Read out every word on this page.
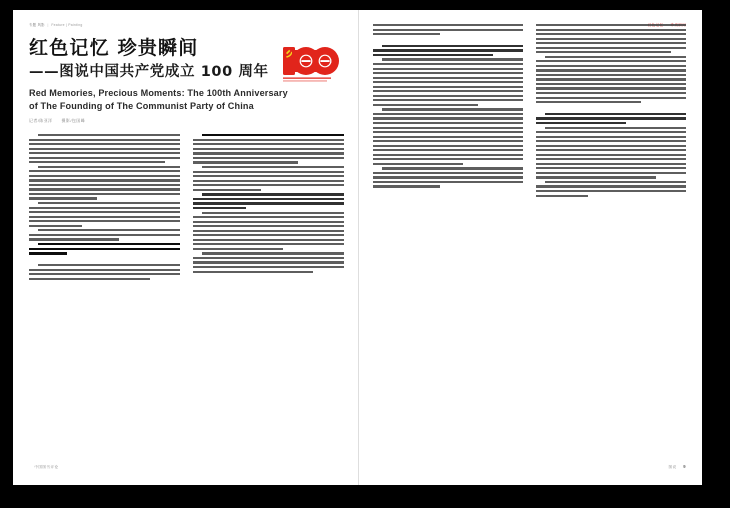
专题 风影 | Feature | Painting
红色记忆 珍贵瞬间
——图说中国共产党成立 100 周年
Red Memories, Precious Moments: The 100th Anniversary
of The Founding of The Communist Party of China
记者/陈亚洋 摄影/包国峰
中国图书评论	图说 9
